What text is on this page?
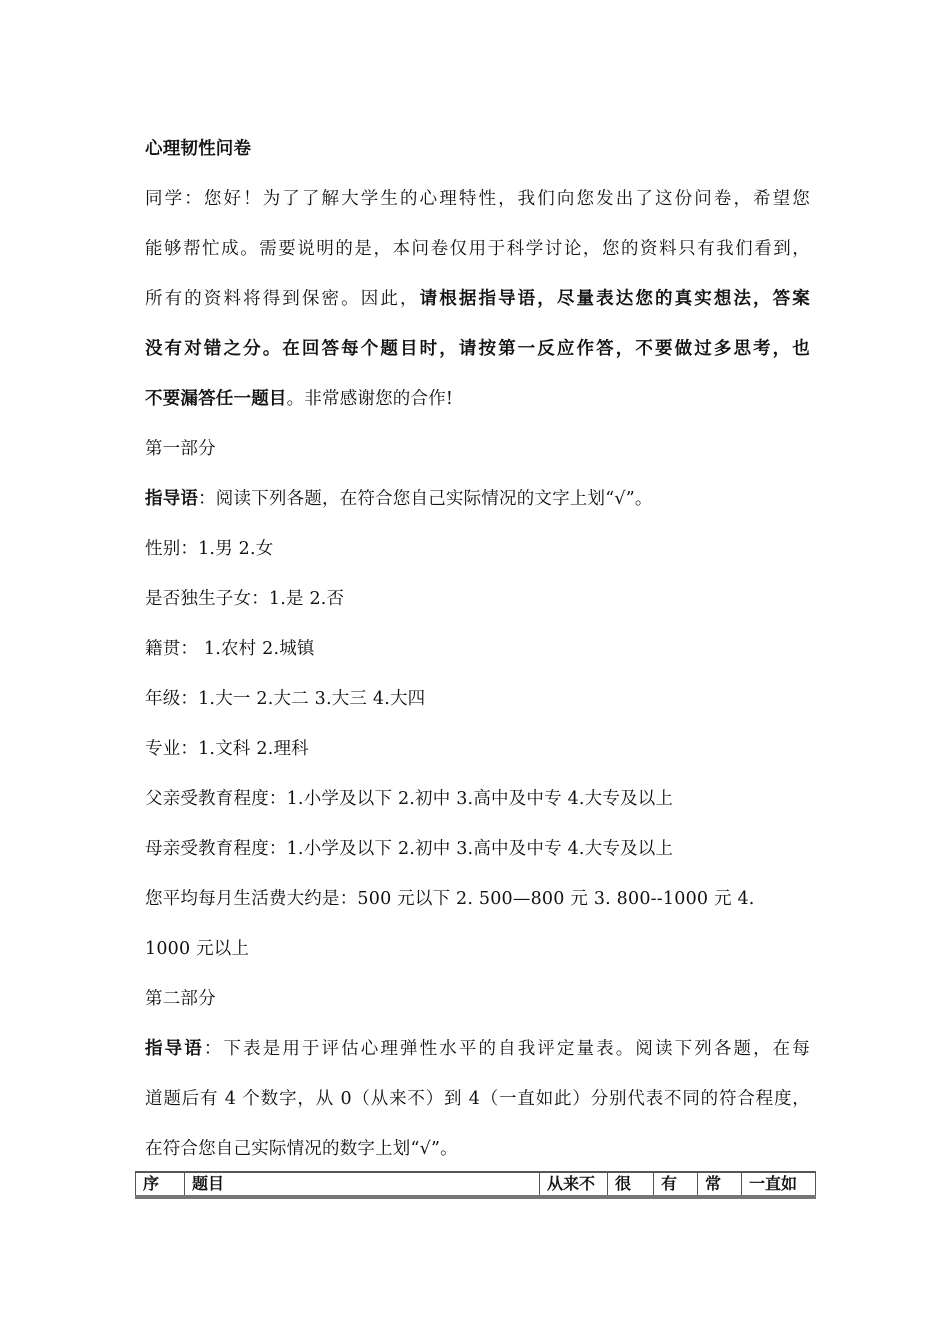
心理韧性问卷
同学：您好！为了了解大学生的心理特性，我们向您发出了这份问卷，希望您
能够帮忙成。需要说明的是，本问卷仅用于科学讨论，您的资料只有我们看到，
所有的资料将得到保密。因此，请根据指导语，尽量表达您的真实想法，答案
没有对错之分。在回答每个题目时，请按第一反应作答，不要做过多思考，也
不要漏答任一题目。非常感谢您的合作!
第一部分
指导语：阅读下列各题，在符合您自己实际情况的文字上划“√”。
性别：1.男 2.女
是否独生子女：1.是 2.否
籍贯： 1.农村 2.城镇
年级：1.大一 2.大二 3.大三 4.大四
专业：1.文科 2.理科
父亲受教育程度：1.小学及以下 2.初中 3.高中及中专 4.大专及以上
母亲受教育程度：1.小学及以下 2.初中 3.高中及中专 4.大专及以上
您平均每月生活费大约是：500 元以下 2. 500—800 元 3. 800--1000 元 4.
1000 元以上
第二部分
指导语：下表是用于评估心理弹性水平的自我评定量表。阅读下列各题，在每
道题后有 4 个数字，从 0（从来不）到 4（一直如此）分别代表不同的符合程度，
在符合您自己实际情况的数字上划“√”。
序	题目	从来不	很	有	常	一直如
